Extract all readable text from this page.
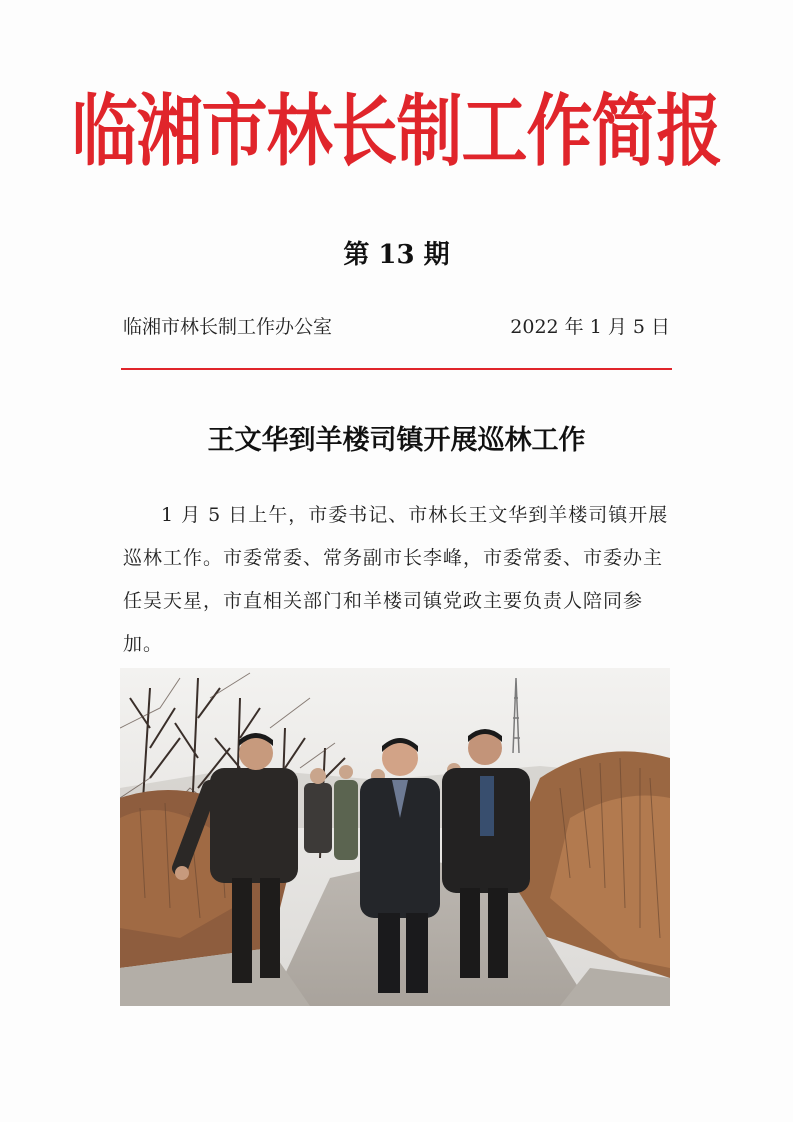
临湘市林长制工作简报
第 13 期
临湘市林长制工作办公室	2022 年 1 月 5 日
王文华到羊楼司镇开展巡林工作
1 月 5 日上午，市委书记、市林长王文华到羊楼司镇开展巡林工作。市委常委、常务副市长李峰，市委常委、市委办主任吴天星，市直相关部门和羊楼司镇党政主要负责人陪同参加。
